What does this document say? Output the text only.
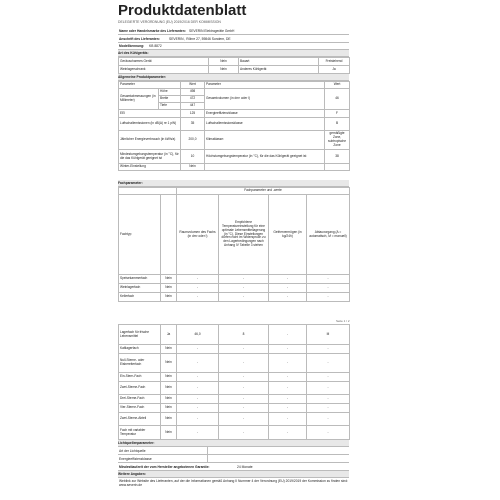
Produktdatenblatt
DELEGIERTE VERORDNUNG (EU) 2019/2016 DER KOMMISSION
Name oder Handelsmarke des Lieferanten: SEVERIN Elektrogeräte GmbH
Anschrift des Lieferanten:	SEVERIN , Röhre 27, 59846 Sundern, DE
Modellkennung:	KB 8872
Art des Kühlgeräts:
Geräuscharmes Gerät	Nein	Bauart	Freistehend
Weinlagerschrank	Nein	Anderes Kühlgerät	Ja
Allgemeine Produktparameter:
Parameter		Wert	Parameter	Wert
Gesamtabmessungen (in Millimeter)	Höhe	498	Gesamtvolumen (in dm³ oder l)	46
	Breite	472		
	Tiefe	447		
EEI		125	Energieeffizienzklasse	F
Luftschallemissionen (in dB(A) re 1 pW)		35	Luftschallemissionsklasse	B
Jährlicher Energieverbrauch (in kWh/a)		200,0	Klimaklasse:	gemäßigte Zone, subtropische Zone
Mindestumgebungstemperatur (in °C), für die das Kühlgerät geeignet ist		10	Höchstumgebungstemperatur (in °C), für die das Kühlgerät geeignet ist	38
Winter-Einstellung		Nein		
Fachparameter:
		Fachparameter und -werte			
Fachtyp		Raumvolumen des Fachs (in dm³ oder l)	Empfohlene Temperatureinstellung für eine optimale Lebensmittellagerung (in °C). Diese Einstellungen dürfen nicht im Widerspruch zu den Lagerbedingungen nach Anhang IV Tabelle 3 stehen	Gefriervermögen (in kg/24h)	Abtauvorgang (A = automatisch, M = manuell)
Speisekammerfach	Nein	-	-	-	-
Weinlagerfach	Nein	-	-	-	-
Kellerfach	Nein	-	-	-	-
Seite 1 / 2
Lagerfach für frische Lebensmittel	Ja	46,0	8	-	M
Kaltlagerfach	Nein	-	-	-	-
Null-Sterne- oder Eisbereiterfach	Nein	-	-	-	-
Ein-Stern-Fach	Nein	-	-	-	-
Zwei-Sterne-Fach	Nein	-	-	-	-
Drei-Sterne-Fach	Nein	-	-	-	-
Vier-Sterne-Fach	Nein	-	-	-	-
Zwei-Sterne-Abteil	Nein	-	-	-	-
Fach mit variabler Temperatur	Nein	-	-	-	-
Lichtquellenparameter:
Art der Lichtquelle
Energieeffizienzklasse
Mindestlaufzeit der vom Hersteller angebotenen Garantie:	24 Monate
Weitere Angaben:
Weblink zur Website des Lieferanten, auf der die Informationen gemäß Anhang II Nummer 4 der Verordnung (EU) 2019/2019 der Kommission zu finden sind: www.severin.de
